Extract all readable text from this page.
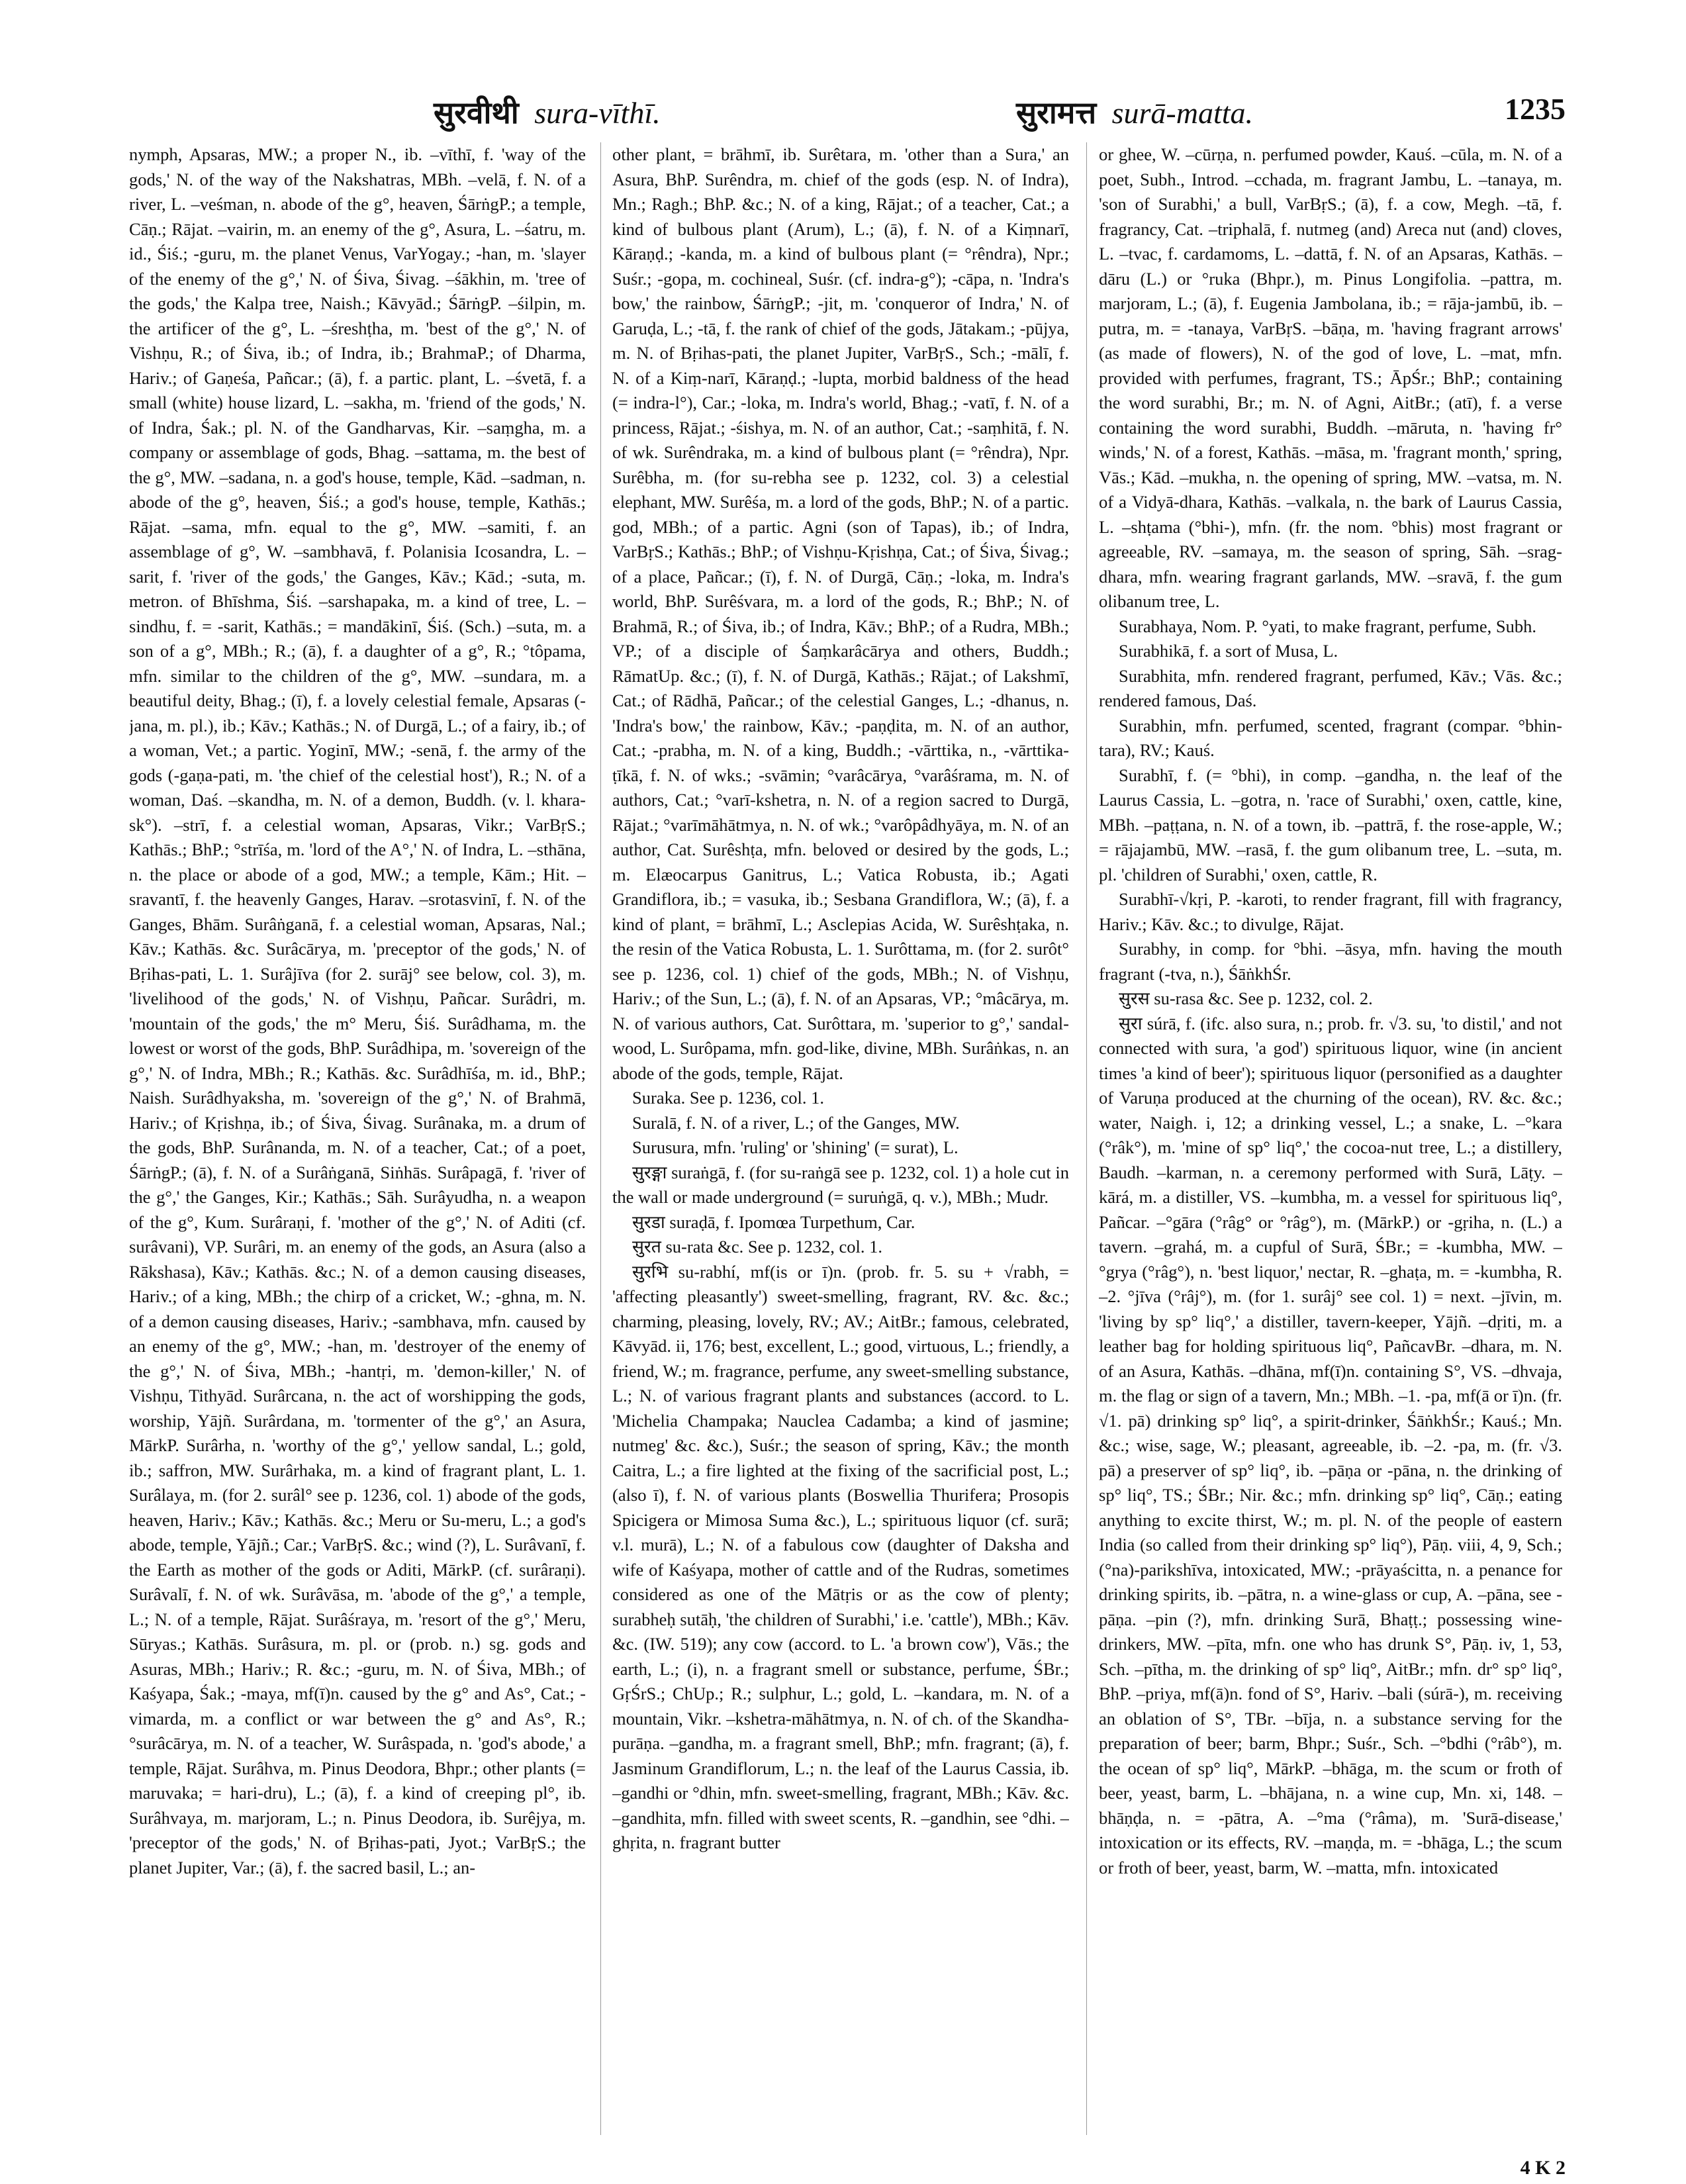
सुरवीथी sura-vīthī.	सुरामत्त surā-matta.	1235

nymph, Apsaras, MW.; a proper N., ib. –vīthī, f. 'way of the gods,' N. of the way of the Nakshatras, MBh. –velā, f. N. of a river, L. –veśman, n. abode of the g°, heaven, ŚārṅgP.; a temple, Cāṇ.; Rājat. –vairin, m. an enemy of the g°, Asura, L. –śatru, m. id., Śiś.; -guru, m. the planet Venus, VarYogay.; -han, m. 'slayer of the enemy of the g°,' N. of Śiva, Śivag. –śākhin, m. 'tree of the gods,' the Kalpa tree, Naish.; Kāvyād.; ŚārṅgP. –śilpin, m. the artificer of the g°, L. –śreshṭha, m. 'best of the g°,' N. of Vishṇu, R.; of Śiva, ib.; of Indra, ib.; BrahmaP.; of Dharma, Hariv.; of Gaṇeśa, Pañcar.; (ā), f. a partic. plant, L. –śvetā, f. a small (white) house lizard, L. –sakha, m. 'friend of the gods,' N. of Indra, Śak.; pl. N. of the Gandharvas, Kir. –saṃgha, m. a company or assemblage of gods, Bhag. –sattama, m. the best of the g°, MW. –sadana, n. a god's house, temple, Kād. –sadman, n. abode of the g°, heaven, Śiś.; a god's house, temple, Kathās.; Rājat. –sama, mfn. equal to the g°, MW. –samiti, f. an assemblage of g°, W. –sambhavā, f. Polanisia Icosandra, L. –sarit, f. 'river of the gods,' the Ganges, Kāv.; Kād.; -suta, m. metron. of Bhīshma, Śiś. –sarshapaka, m. a kind of tree, L. –sindhu, f. = -sarit, Kathās.; = mandākinī, Śiś. (Sch.) –suta, m. a son of a g°, MBh.; R.; (ā), f. a daughter of a g°, R.; °tôpama, mfn. similar to the children of the g°, MW. –sundara, m. a beautiful deity, Bhag.; (ī), f. a lovely celestial female, Apsaras (-jana, m. pl.), ib.; Kāv.; Kathās.; N. of Durgā, L.; of a fairy, ib.; of a woman, Vet.; a partic. Yoginī, MW.; -senā, f. the army of the gods (-gaṇa-pati, m. 'the chief of the celestial host'), R.; N. of a woman, Daś. –skandha, m. N. of a demon, Buddh. (v. l. khara-sk°). –strī, f. a celestial woman, Apsaras, Vikr.; VarBṛS.; Kathās.; BhP.; °strīśa, m. 'lord of the A°,' N. of Indra, L. –sthāna, n. the place or abode of a god, MW.; a temple, Kām.; Hit. –sravantī, f. the heavenly Ganges, Harav. –srotasvinī, f. N. of the Ganges, Bhām. Surâṅganā, f. a celestial woman, Apsaras, Nal.; Kāv.; Kathās. &c. Surâcārya, m. 'preceptor of the gods,' N. of Bṛihas-pati, L. 1. Surâjīva (for 2. surāj° see below, col. 3), m. 'livelihood of the gods,' N. of Vishṇu, Pañcar. Surâdri, m. 'mountain of the gods,' the m° Meru, Śiś. Surâdhama, m. the lowest or worst of the gods, BhP. Surâdhipa, m. 'sovereign of the g°,' N. of Indra, MBh.; R.; Kathās. &c. Surâdhīśa, m. id., BhP.; Naish. Surâdhyaksha, m. 'sovereign of the g°,' N. of Brahmā, Hariv.; of Kṛishṇa, ib.; of Śiva, Śivag. Surânaka, m. a drum of the gods, BhP. Surânanda, m. N. of a teacher, Cat.; of a poet, ŚārṅgP.; (ā), f. N. of a Surâṅganā, Siṅhās. Surâpagā, f. 'river of the g°,' the Ganges, Kir.; Kathās.; Sāh. Surâyudha, n. a weapon of the g°, Kum. Surâraṇi, f. 'mother of the g°,' N. of Aditi (cf. surâvani), VP. Surâri, m. an enemy of the gods, an Asura (also a Rākshasa), Kāv.; Kathās. &c.; N. of a demon causing diseases, Hariv.; of a king, MBh.; the chirp of a cricket, W.; -ghna, m. N. of a demon causing diseases, Hariv.; -sambhava, mfn. caused by an enemy of the g°, MW.; -han, m. 'destroyer of the enemy of the g°,' N. of Śiva, MBh.; -hantṛi, m. 'demon-killer,' N. of Vishṇu, Tithyād. Surârcana, n. the act of worshipping the gods, worship, Yājñ. Surârdana, m. 'tormenter of the g°,' an Asura, MārkP. Surârha, n. 'worthy of the g°,' yellow sandal, L.; gold, ib.; saffron, MW. Surârhaka, m. a kind of fragrant plant, L. 1. Surâlaya, m. (for 2. surâl° see p. 1236, col. 1) abode of the gods, heaven, Hariv.; Kāv.; Kathās. &c.; Meru or Su-meru, L.; a god's abode, temple, Yājñ.; Car.; VarBṛS. &c.; wind (?), L. Surâvanī, f. the Earth as mother of the gods or Aditi, MārkP. (cf. surâraṇi). Surâvalī, f. N. of wk. Surâvāsa, m. 'abode of the g°,' a temple, L.; N. of a temple, Rājat. Surâśraya, m. 'resort of the g°,' Meru, Sūryas.; Kathās. Surâsura, m. pl. or (prob. n.) sg. gods and Asuras, MBh.; Hariv.; R. &c.; -guru, m. N. of Śiva, MBh.; of Kaśyapa, Śak.; -maya, mf(ī)n. caused by the g° and As°, Cat.; -vimarda, m. a conflict or war between the g° and As°, R.; °surâcārya, m. N. of a teacher, W. Surâspada, n. 'god's abode,' a temple, Rājat. Surâhva, m. Pinus Deodora, Bhpr.; other plants (= maruvaka; = hari-dru), L.; (ā), f. a kind of creeping pl°, ib. Surâhvaya, m. marjoram, L.; n. Pinus Deodora, ib. Surêjya, m. 'preceptor of the gods,' N. of Bṛihas-pati, Jyot.; VarBṛS.; the planet Jupiter, Var.; (ā), f. the sacred basil, L.; an-

other plant, = brāhmī, ib. Surêtara, m. 'other than a Sura,' an Asura, BhP. Surêndra, m. chief of the gods (esp. N. of Indra), Mn.; Ragh.; BhP. &c.; N. of a king, Rājat.; of a teacher, Cat.; a kind of bulbous plant (Arum), L.; (ā), f. N. of a Kiṃnarī, Kāraṇḍ.; -kanda, m. a kind of bulbous plant (= °rêndra), Npr.; Suśr.; -gopa, m. cochineal, Suśr. (cf. indra-g°); -cāpa, n. 'Indra's bow,' the rainbow, ŚārṅgP.; -jit, m. 'conqueror of Indra,' N. of Garuḍa, L.; -tā, f. the rank of chief of the gods, Jātakam.; -pūjya, m. N. of Bṛihas-pati, the planet Jupiter, VarBṛS., Sch.; -mālī, f. N. of a Kiṃ-narī, Kāraṇḍ.; -lupta, morbid baldness of the head (= indra-l°), Car.; -loka, m. Indra's world, Bhag.; -vatī, f. N. of a princess, Rājat.; -śishya, m. N. of an author, Cat.; -saṃhitā, f. N. of wk. Surêndraka, m. a kind of bulbous plant (= °rêndra), Npr. Surêbha, m. (for su-rebha see p. 1232, col. 3) a celestial elephant, MW. Surêśa, m. a lord of the gods, BhP.; N. of a partic. god, MBh.; of a partic. Agni (son of Tapas), ib.; of Indra, VarBṛS.; Kathās.; BhP.; of Vishṇu-Kṛishṇa, Cat.; of Śiva, Śivag.; of a place, Pañcar.; (ī), f. N. of Durgā, Cāṇ.; -loka, m. Indra's world, BhP. Surêśvara, m. a lord of the gods, R.; BhP.; N. of Brahmā, R.; of Śiva, ib.; of Indra, Kāv.; BhP.; of a Rudra, MBh.; VP.; of a disciple of Śaṃkarâcārya and others, Buddh.; RāmatUp. &c.; (ī), f. N. of Durgā, Kathās.; Rājat.; of Lakshmī, Cat.; of Rādhā, Pañcar.; of the celestial Ganges, L.; -dhanus, n. 'Indra's bow,' the rainbow, Kāv.; -paṇḍita, m. N. of an author, Cat.; -prabha, m. N. of a king, Buddh.; -vārttika, n., -vārttika-ṭīkā, f. N. of wks.; -svāmin; °varâcārya, °varâśrama, m. N. of authors, Cat.; °varī-kshetra, n. N. of a region sacred to Durgā, Rājat.; °varīmāhātmya, n. N. of wk.; °varôpâdhyāya, m. N. of an author, Cat. Surêshṭa, mfn. beloved or desired by the gods, L.; m. Elæocarpus Ganitrus, L.; Vatica Robusta, ib.; Agati Grandiflora, ib.; = vasuka, ib.; Sesbana Grandiflora, W.; (ā), f. a kind of plant, = brāhmī, L.; Asclepias Acida, W. Surêshṭaka, n. the resin of the Vatica Robusta, L. 1. Surôttama, m. (for 2. surôt° see p. 1236, col. 1) chief of the gods, MBh.; N. of Vishṇu, Hariv.; of the Sun, L.; (ā), f. N. of an Apsaras, VP.; °mâcārya, m. N. of various authors, Cat. Surôttara, m. 'superior to g°,' sandal-wood, L. Surôpama, mfn. god-like, divine, MBh. Surâṅkas, n. an abode of the gods, temple, Rājat.

Suraka. See p. 1236, col. 1.

Suralā, f. N. of a river, L.; of the Ganges, MW.

Surusura, mfn. 'ruling' or 'shining' (= surat), L.

सुरङ्गा suraṅgā, f. (for su-raṅgā see p. 1232, col. 1) a hole cut in the wall or made underground (= suruṅgā, q. v.), MBh.; Mudr.

सुरडा suraḍā, f. Ipomœa Turpethum, Car.

सुरत su-rata &c. See p. 1232, col. 1.

सुरभि su-rabhí, mf(is or ī)n. (prob. fr. 5. su + √rabh, = 'affecting pleasantly') sweet-smelling, fragrant, RV. &c. &c.; charming, pleasing, lovely, RV.; AV.; AitBr.; famous, celebrated, Kāvyād. ii, 176; best, excellent, L.; good, virtuous, L.; friendly, a friend, W.; m. fragrance, perfume, any sweet-smelling substance, L.; N. of various fragrant plants and substances (accord. to L. 'Michelia Champaka; Nauclea Cadamba; a kind of jasmine; nutmeg' &c. &c.), Suśr.; the season of spring, Kāv.; the month Caitra, L.; a fire lighted at the fixing of the sacrificial post, L.; (also ī), f. N. of various plants (Boswellia Thurifera; Prosopis Spicigera or Mimosa Suma &c.), L.; spirituous liquor (cf. surā; v.l. murā), L.; N. of a fabulous cow (daughter of Daksha and wife of Kaśyapa, mother of cattle and of the Rudras, sometimes considered as one of the Mātṛis or as the cow of plenty; surabheḥ sutāḥ, 'the children of Surabhi,' i.e. 'cattle'), MBh.; Kāv. &c. (IW. 519); any cow (accord. to L. 'a brown cow'), Vās.; the earth, L.; (i), n. a fragrant smell or substance, perfume, ŚBr.; GṛŚrS.; ChUp.; R.; sulphur, L.; gold, L. –kandara, m. N. of a mountain, Vikr. –kshetra-māhātmya, n. N. of ch. of the Skandha-purāṇa. –gandha, m. a fragrant smell, BhP.; mfn. fragrant; (ā), f. Jasminum Grandiflorum, L.; n. the leaf of the Laurus Cassia, ib. –gandhi or °dhin, mfn. sweet-smelling, fragrant, MBh.; Kāv. &c. –gandhita, mfn. filled with sweet scents, R. –gandhin, see °dhi. –ghṛita, n. fragrant butter

or ghee, W. –cūrṇa, n. perfumed powder, Kauś. –cūla, m. N. of a poet, Subh., Introd. –cchada, m. fragrant Jambu, L. –tanaya, m. 'son of Surabhi,' a bull, VarBṛS.; (ā), f. a cow, Megh. –tā, f. fragrancy, Cat. –triphalā, f. nutmeg (and) Areca nut (and) cloves, L. –tvac, f. cardamoms, L. –dattā, f. N. of an Apsaras, Kathās. –dāru (L.) or °ruka (Bhpr.), m. Pinus Longifolia. –pattra, m. marjoram, L.; (ā), f. Eugenia Jambolana, ib.; = rāja-jambū, ib. –putra, m. = -tanaya, VarBṛS. –bāṇa, m. 'having fragrant arrows' (as made of flowers), N. of the god of love, L. –mat, mfn. provided with perfumes, fragrant, TS.; ĀpŚr.; BhP.; containing the word surabhi, Br.; m. N. of Agni, AitBr.; (atī), f. a verse containing the word surabhi, Buddh. –māruta, n. 'having fr° winds,' N. of a forest, Kathās. –māsa, m. 'fragrant month,' spring, Vās.; Kād. –mukha, n. the opening of spring, MW. –vatsa, m. N. of a Vidyā-dhara, Kathās. –valkala, n. the bark of Laurus Cassia, L. –shṭama (°bhi-), mfn. (fr. the nom. °bhis) most fragrant or agreeable, RV. –samaya, m. the season of spring, Sāh. –srag-dhara, mfn. wearing fragrant garlands, MW. –sravā, f. the gum olibanum tree, L.

Surabhaya, Nom. P. °yati, to make fragrant, perfume, Subh.

Surabhikā, f. a sort of Musa, L.

Surabhita, mfn. rendered fragrant, perfumed, Kāv.; Vās. &c.; rendered famous, Daś.

Surabhin, mfn. perfumed, scented, fragrant (compar. °bhin-tara), RV.; Kauś.

Surabhī, f. (= °bhi), in comp. –gandha, n. the leaf of the Laurus Cassia, L. –gotra, n. 'race of Surabhi,' oxen, cattle, kine, MBh. –paṭṭana, n. N. of a town, ib. –pattrā, f. the rose-apple, W.; = rājajambū, MW. –rasā, f. the gum olibanum tree, L. –suta, m. pl. 'children of Surabhi,' oxen, cattle, R.

Surabhī-√kṛi, P. -karoti, to render fragrant, fill with fragrancy, Hariv.; Kāv. &c.; to divulge, Rājat.

Surabhy, in comp. for °bhi. –āsya, mfn. having the mouth fragrant (-tva, n.), ŚāṅkhŚr.

सुरस su-rasa &c. See p. 1232, col. 2.

सुरा súrā, f. (ifc. also sura, n.; prob. fr. √3. su, 'to distil,' and not connected with sura, 'a god') spirituous liquor, wine (in ancient times 'a kind of beer'); spirituous liquor (personified as a daughter of Varuṇa produced at the churning of the ocean), RV. &c. &c.; water, Naigh. i, 12; a drinking vessel, L.; a snake, L. –°kara (°râk°), m. 'mine of sp° liq°,' the cocoa-nut tree, L.; a distillery, Baudh. –karman, n. a ceremony performed with Surā, Lāṭy. –kārá, m. a distiller, VS. –kumbha, m. a vessel for spirituous liq°, Pañcar. –°gāra (°râg° or °râg°), m. (MārkP.) or -gṛiha, n. (L.) a tavern. –grahá, m. a cupful of Surā, ŚBr.; = -kumbha, MW. –°grya (°râg°), n. 'best liquor,' nectar, R. –ghaṭa, m. = -kumbha, R. –2. °jīva (°râj°), m. (for 1. surâj° see col. 1) = next. –jīvin, m. 'living by sp° liq°,' a distiller, tavern-keeper, Yājñ. –dṛiti, m. a leather bag for holding spirituous liq°, PañcavBr. –dhara, m. N. of an Asura, Kathās. –dhāna, mf(ī)n. containing S°, VS. –dhvaja, m. the flag or sign of a tavern, Mn.; MBh. –1. -pa, mf(ā or ī)n. (fr. √1. pā) drinking sp° liq°, a spirit-drinker, ŚāṅkhŚr.; Kauś.; Mn. &c.; wise, sage, W.; pleasant, agreeable, ib. –2. -pa, m. (fr. √3. pā) a preserver of sp° liq°, ib. –pāṇa or -pāna, n. the drinking of sp° liq°, TS.; ŚBr.; Nir. &c.; mfn. drinking sp° liq°, Cāṇ.; eating anything to excite thirst, W.; m. pl. N. of the people of eastern India (so called from their drinking sp° liq°), Pāṇ. viii, 4, 9, Sch.; (°na)-parikshīva, intoxicated, MW.; -prāyaścitta, n. a penance for drinking spirits, ib. –pātra, n. a wine-glass or cup, A. –pāna, see -pāṇa. –pin (?), mfn. drinking Surā, Bhaṭṭ.; possessing wine-drinkers, MW. –pīta, mfn. one who has drunk S°, Pāṇ. iv, 1, 53, Sch. –pītha, m. the drinking of sp° liq°, AitBr.; mfn. dr° sp° liq°, BhP. –priya, mf(ā)n. fond of S°, Hariv. –bali (súrā-), m. receiving an oblation of S°, TBr. –bīja, n. a substance serving for the preparation of beer; barm, Bhpr.; Suśr., Sch. –°bdhi (°râb°), m. the ocean of sp° liq°, MārkP. –bhāga, m. the scum or froth of beer, yeast, barm, L. –bhājana, n. a wine cup, Mn. xi, 148. –bhāṇḍa, n. = -pātra, A. –°ma (°râma), m. 'Surā-disease,' intoxication or its effects, RV. –maṇḍa, m. = -bhāga, L.; the scum or froth of beer, yeast, barm, W. –matta, mfn. intoxicated

4 K 2
